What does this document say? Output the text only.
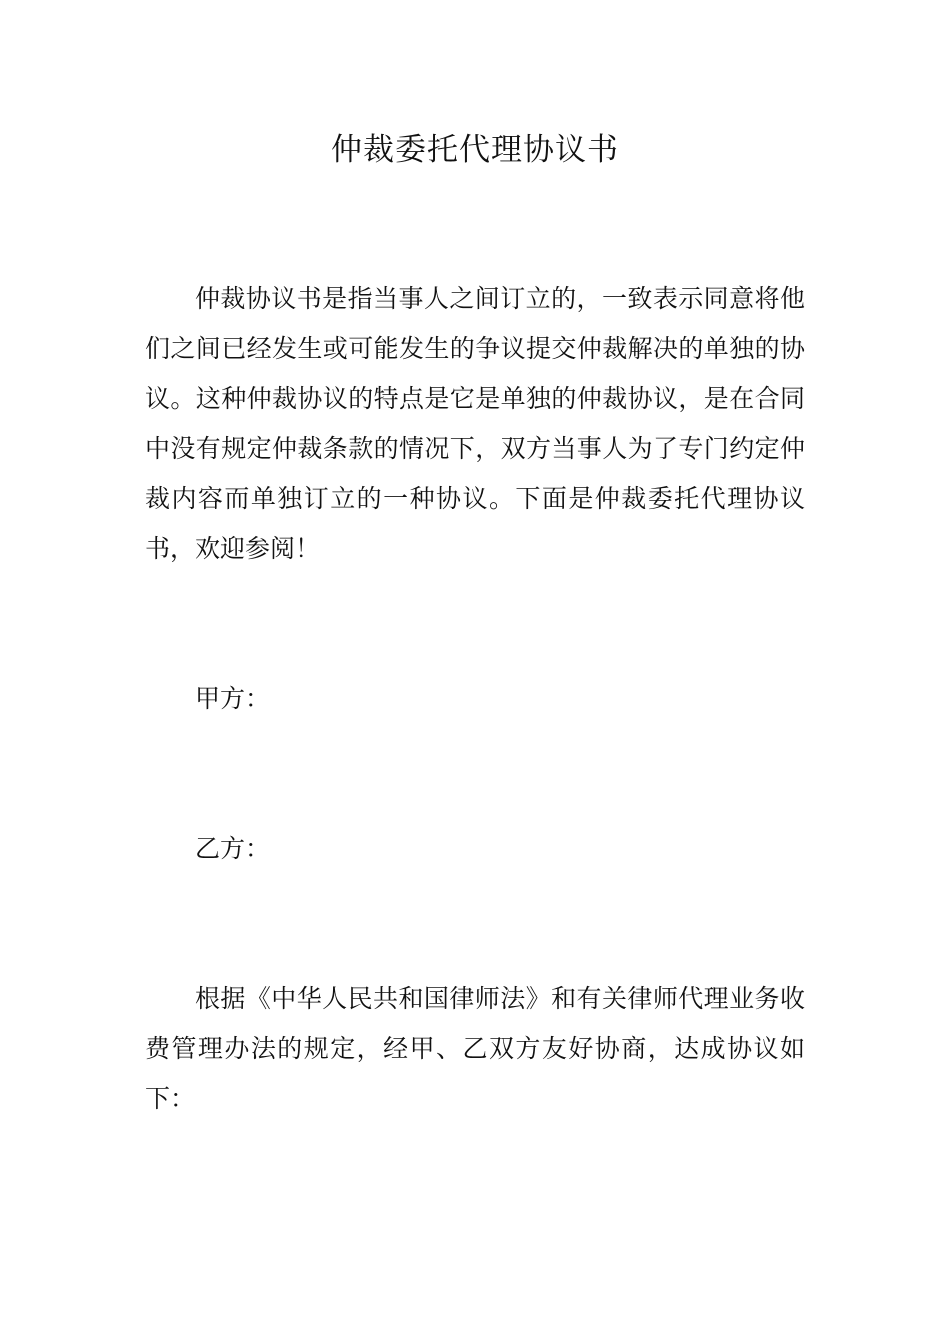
仲裁委托代理协议书

仲裁协议书是指当事人之间订立的，一致表示同意将他们之间已经发生或可能发生的争议提交仲裁解决的单独的协议。这种仲裁协议的特点是它是单独的仲裁协议，是在合同中没有规定仲裁条款的情况下，双方当事人为了专门约定仲裁内容而单独订立的一种协议。下面是仲裁委托代理协议书，欢迎参阅！

甲方：

乙方：

根据《中华人民共和国律师法》和有关律师代理业务收费管理办法的规定，经甲、乙双方友好协商，达成协议如下：
